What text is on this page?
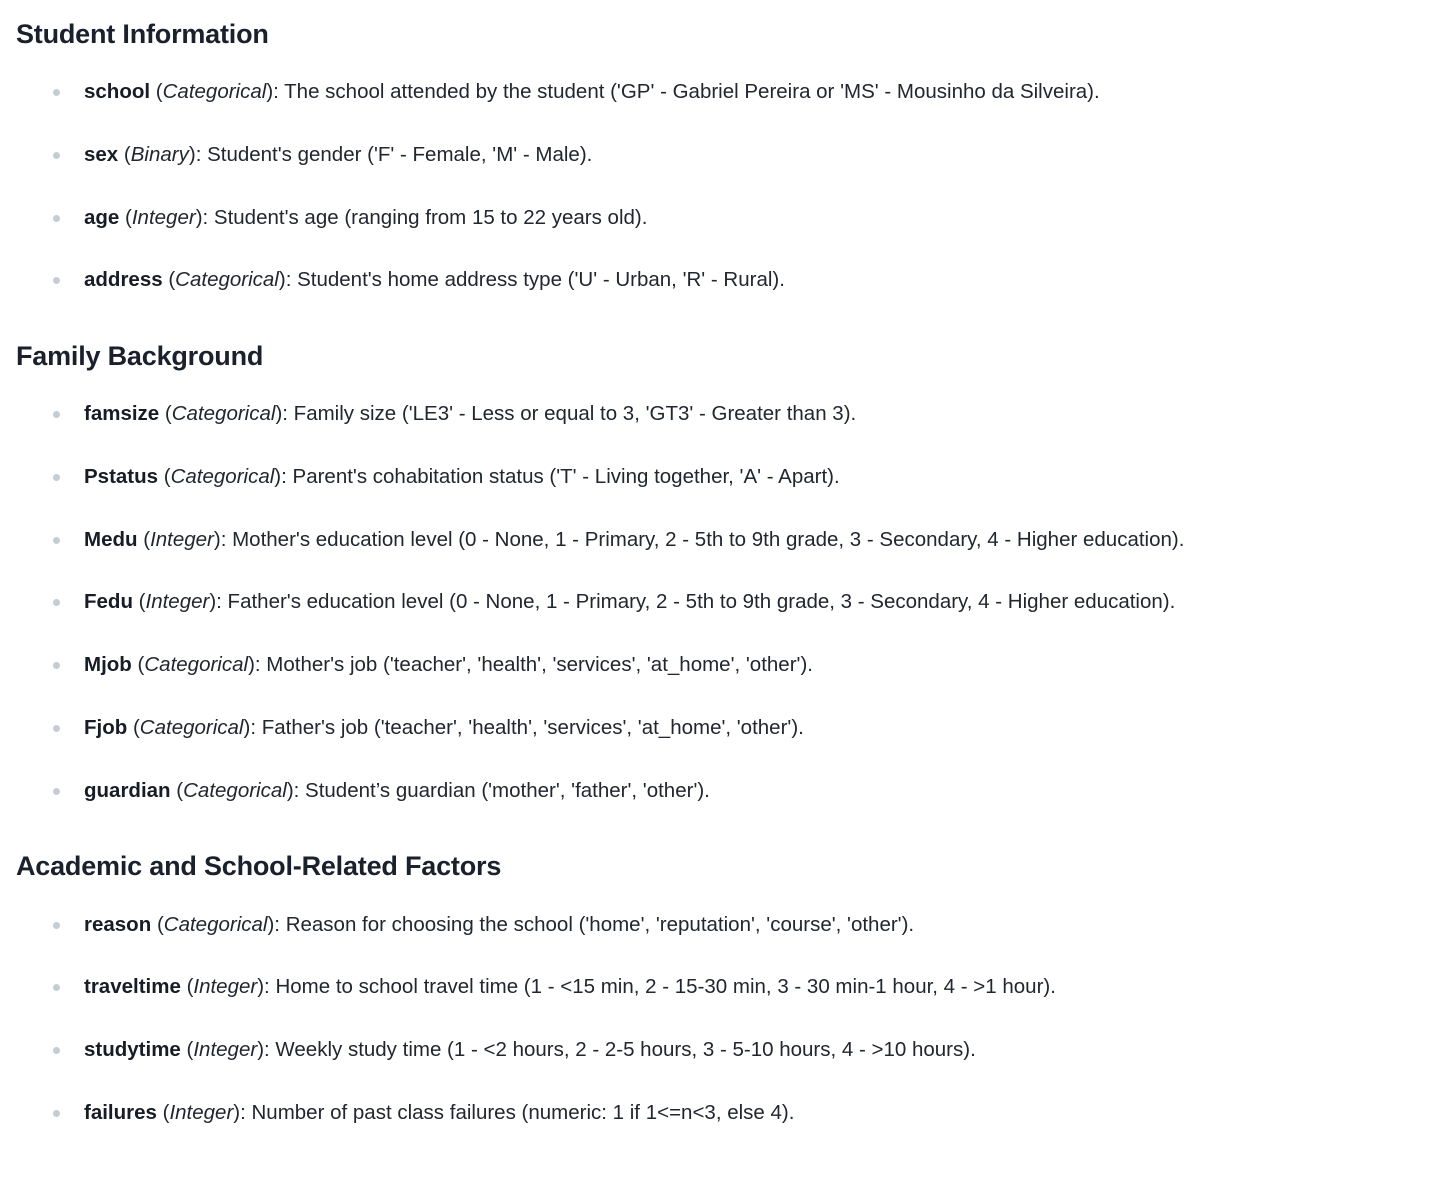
Student Information
school (Categorical): The school attended by the student ('GP' - Gabriel Pereira or 'MS' - Mousinho da Silveira).
sex (Binary): Student's gender ('F' - Female, 'M' - Male).
age (Integer): Student's age (ranging from 15 to 22 years old).
address (Categorical): Student's home address type ('U' - Urban, 'R' - Rural).
Family Background
famsize (Categorical): Family size ('LE3' - Less or equal to 3, 'GT3' - Greater than 3).
Pstatus (Categorical): Parent's cohabitation status ('T' - Living together, 'A' - Apart).
Medu (Integer): Mother's education level (0 - None, 1 - Primary, 2 - 5th to 9th grade, 3 - Secondary, 4 - Higher education).
Fedu (Integer): Father's education level (0 - None, 1 - Primary, 2 - 5th to 9th grade, 3 - Secondary, 4 - Higher education).
Mjob (Categorical): Mother's job ('teacher', 'health', 'services', 'at_home', 'other').
Fjob (Categorical): Father's job ('teacher', 'health', 'services', 'at_home', 'other').
guardian (Categorical): Student’s guardian ('mother', 'father', 'other').
Academic and School-Related Factors
reason (Categorical): Reason for choosing the school ('home', 'reputation', 'course', 'other').
traveltime (Integer): Home to school travel time (1 - <15 min, 2 - 15-30 min, 3 - 30 min-1 hour, 4 - >1 hour).
studytime (Integer): Weekly study time (1 - <2 hours, 2 - 2-5 hours, 3 - 5-10 hours, 4 - >10 hours).
failures (Integer): Number of past class failures (numeric: 1 if 1<=n<3, else 4).
